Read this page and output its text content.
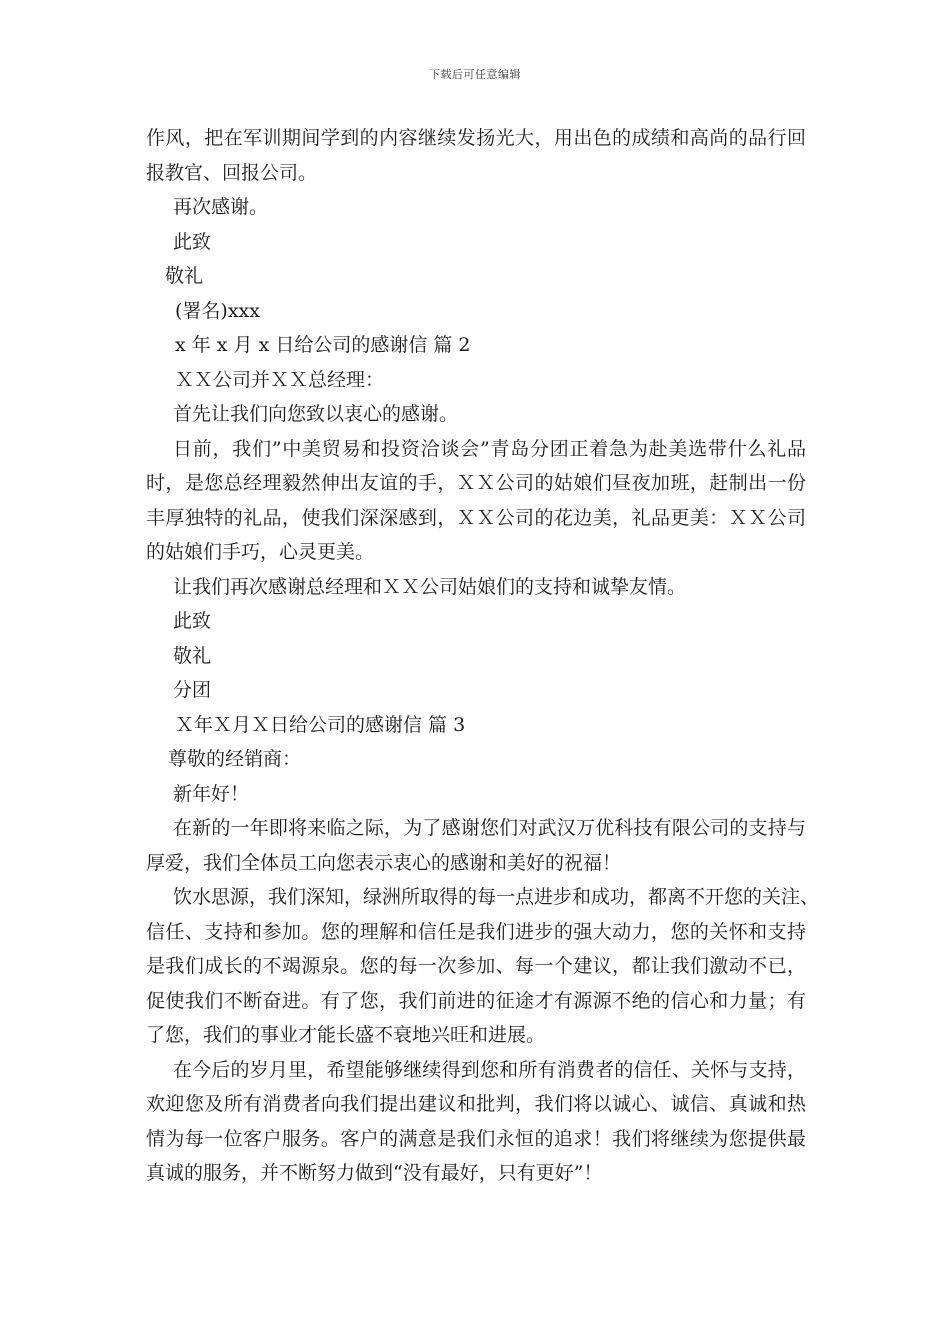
下载后可任意编辑
作风，把在军训期间学到的内容继续发扬光大，用出色的成绩和高尚的品行回
报教官、回报公司。
再次感谢。
此致
敬礼
(署名)xxx
x 年 x 月 x 日给公司的感谢信 篇 2
ＸＸ公司并ＸＸ总经理：
首先让我们向您致以衷心的感谢。
日前，我们”中美贸易和投资洽谈会”青岛分团正着急为赴美选带什么礼品
时，是您总经理毅然伸出友谊的手，ＸＸ公司的姑娘们昼夜加班，赶制出一份
丰厚独特的礼品，使我们深深感到，ＸＸ公司的花边美，礼品更美：ＸＸ公司
的姑娘们手巧，心灵更美。
让我们再次感谢总经理和ＸＸ公司姑娘们的支持和诚挚友情。
此致
敬礼
分团
Ｘ年Ｘ月Ｘ日给公司的感谢信 篇 3
尊敬的经销商：
新年好！
在新的一年即将来临之际，为了感谢您们对武汉万优科技有限公司的支持与
厚爱，我们全体员工向您表示衷心的感谢和美好的祝福！
饮水思源，我们深知，绿洲所取得的每一点进步和成功，都离不开您的关注、
信任、支持和参加。您的理解和信任是我们进步的强大动力，您的关怀和支持
是我们成长的不竭源泉。您的每一次参加、每一个建议，都让我们激动不已，
促使我们不断奋进。有了您，我们前进的征途才有源源不绝的信心和力量；有
了您，我们的事业才能长盛不衰地兴旺和进展。
在今后的岁月里，希望能够继续得到您和所有消费者的信任、关怀与支持，
欢迎您及所有消费者向我们提出建议和批判，我们将以诚心、诚信、真诚和热
情为每一位客户服务。客户的满意是我们永恒的追求！我们将继续为您提供最
真诚的服务，并不断努力做到“没有最好，只有更好”！
